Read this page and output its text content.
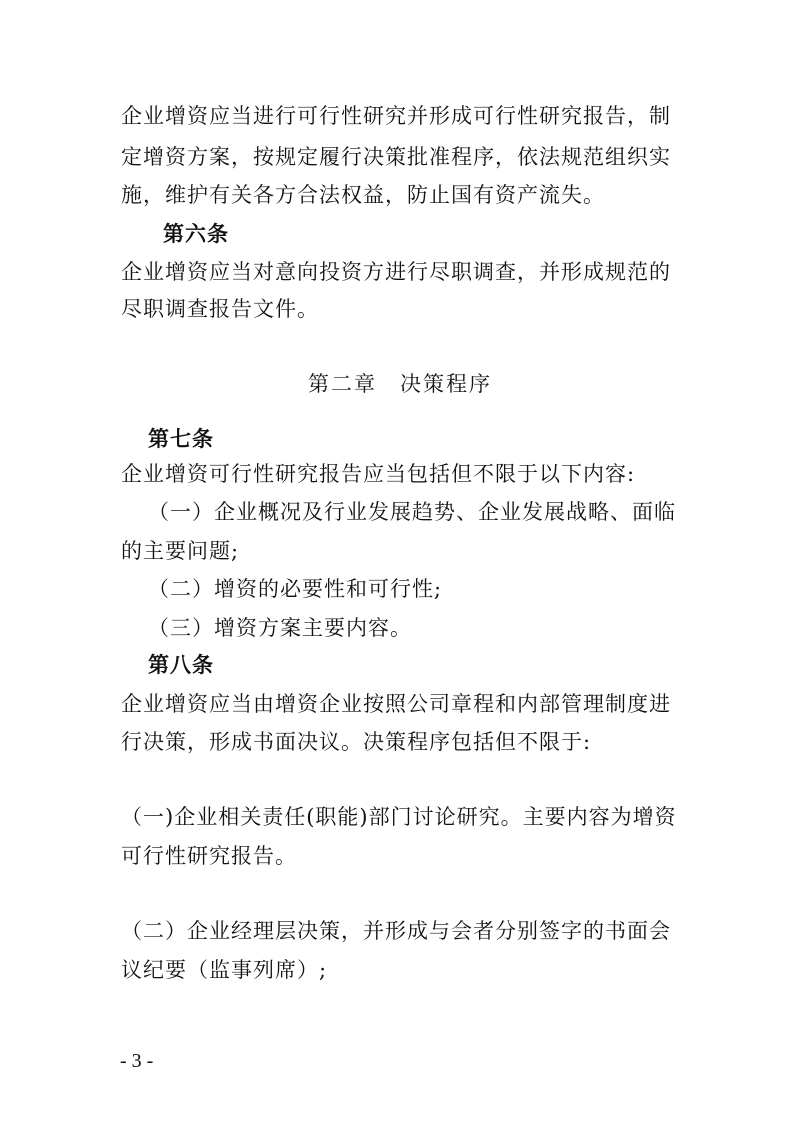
企业增资应当进行可行性研究并形成可行性研究报告，制
定增资方案，按规定履行决策批准程序，依法规范组织实
施，维护有关各方合法权益，防止国有资产流失。
第六条
企业增资应当对意向投资方进行尽职调查，并形成规范的
尽职调查报告文件。
第二章　决策程序
第七条
企业增资可行性研究报告应当包括但不限于以下内容:
（一）企业概况及行业发展趋势、企业发展战略、面临
的主要问题;
（二）增资的必要性和可行性;
（三）增资方案主要内容。
第八条
企业增资应当由增资企业按照公司章程和内部管理制度进
行决策，形成书面决议。决策程序包括但不限于:
（一)企业相关责任(职能)部门讨论研究。主要内容为增资
可行性研究报告。
（二）企业经理层决策，并形成与会者分别签字的书面会
议纪要（监事列席）;
- 3 -
